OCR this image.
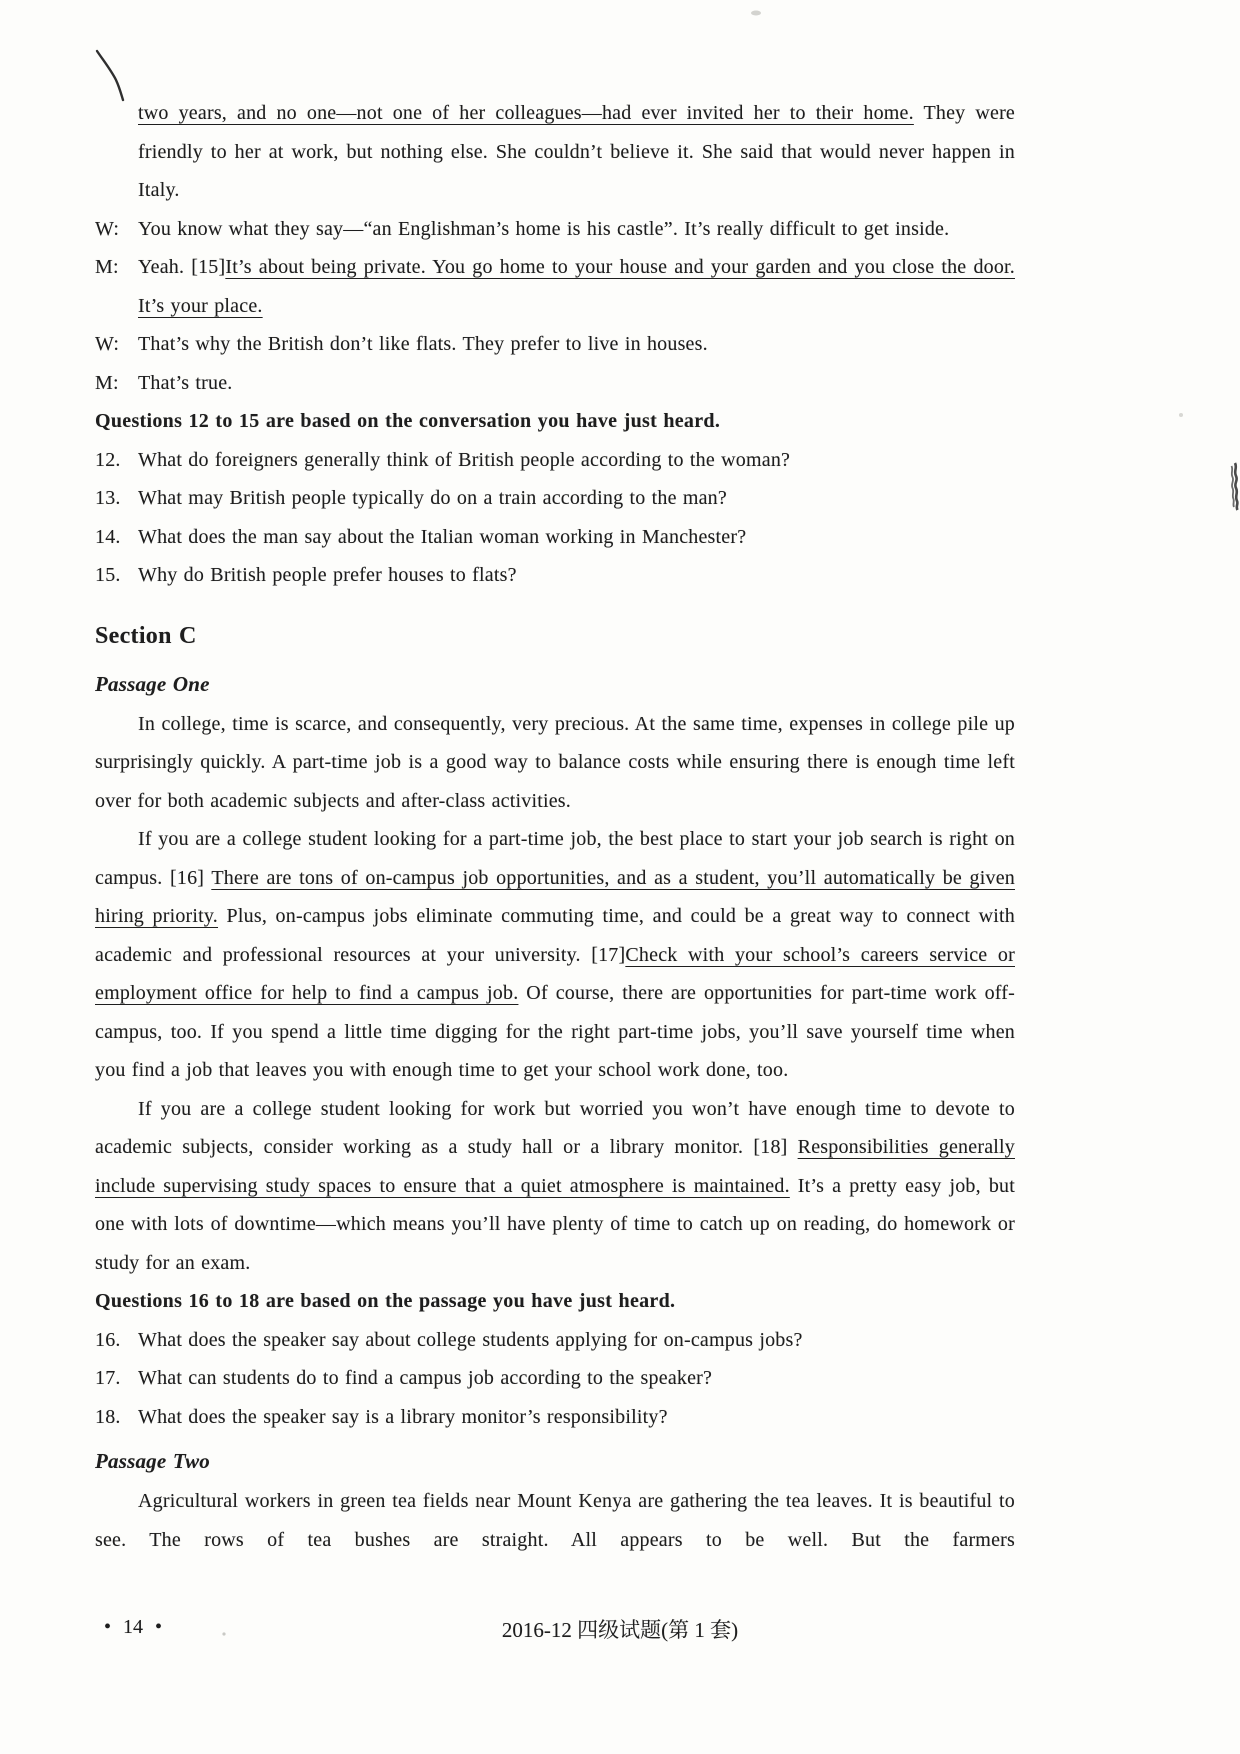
two years, and no one—not one of her colleagues—had ever invited her to their home. They were friendly to her at work, but nothing else. She couldn’t believe it. She said that would never happen in Italy.

W: You know what they say—“an Englishman’s home is his castle”. It’s really difficult to get inside.

M: Yeah. [15]It’s about being private. You go home to your house and your garden and you close the door. It’s your place.

W: That’s why the British don’t like flats. They prefer to live in houses.

M: That’s true.

Questions 12 to 15 are based on the conversation you have just heard.

12. What do foreigners generally think of British people according to the woman?

13. What may British people typically do on a train according to the man?

14. What does the man say about the Italian woman working in Manchester?

15. Why do British people prefer houses to flats?

Section C
Passage One

In college, time is scarce, and consequently, very precious. At the same time, expenses in college pile up surprisingly quickly. A part-time job is a good way to balance costs while ensuring there is enough time left over for both academic subjects and after-class activities.

If you are a college student looking for a part-time job, the best place to start your job search is right on campus. [16] There are tons of on-campus job opportunities, and as a student, you’ll automatically be given hiring priority. Plus, on-campus jobs eliminate commuting time, and could be a great way to connect with academic and professional resources at your university. [17]Check with your school’s careers service or employment office for help to find a campus job. Of course, there are opportunities for part-time work off-campus, too. If you spend a little time digging for the right part-time jobs, you’ll save yourself time when you find a job that leaves you with enough time to get your school work done, too.

If you are a college student looking for work but worried you won’t have enough time to devote to academic subjects, consider working as a study hall or a library monitor. [18] Responsibilities generally include supervising study spaces to ensure that a quiet atmosphere is maintained. It’s a pretty easy job, but one with lots of downtime—which means you’ll have plenty of time to catch up on reading, do homework or study for an exam.

Questions 16 to 18 are based on the passage you have just heard.

16. What does the speaker say about college students applying for on-campus jobs?

17. What can students do to find a campus job according to the speaker?

18. What does the speaker say is a library monitor’s responsibility?

Passage Two

Agricultural workers in green tea fields near Mount Kenya are gathering the tea leaves. It is beautiful to see. The rows of tea bushes are straight. All appears to be well. But the farmers

• 14 •	2016-12 四级试题(第 1 套)
